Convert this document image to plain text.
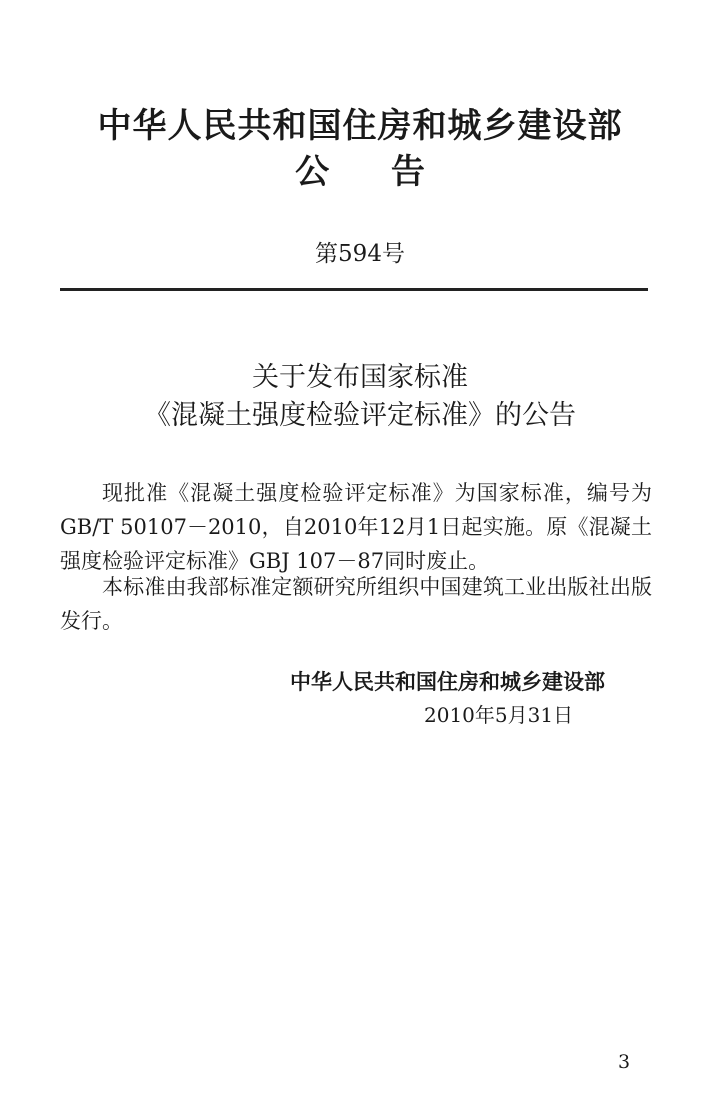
中华人民共和国住房和城乡建设部
公 告
第594号
关于发布国家标准
《混凝土强度检验评定标准》的公告
现批准《混凝土强度检验评定标准》为国家标准，编号为GB/T 50107－2010，自2010年12月1日起实施。原《混凝土强度检验评定标准》GBJ 107－87同时废止。
本标准由我部标准定额研究所组织中国建筑工业出版社出版发行。
中华人民共和国住房和城乡建设部
2010年5月31日
3
